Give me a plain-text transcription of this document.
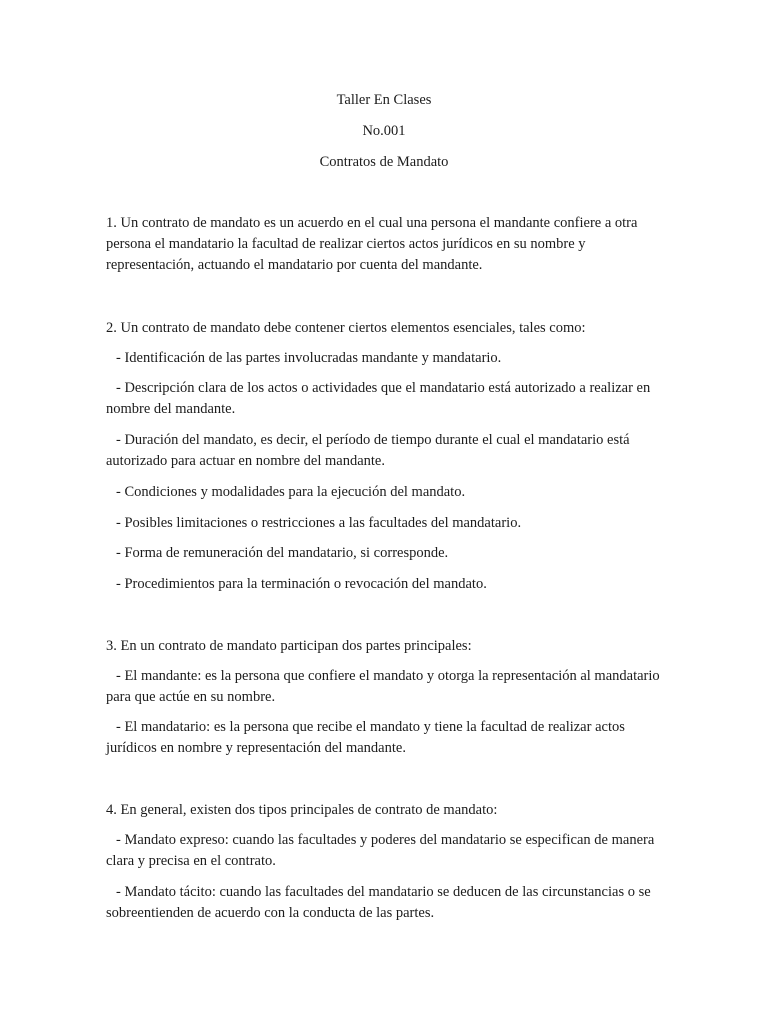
Taller En Clases
No.001
Contratos de Mandato
1. Un contrato de mandato es un acuerdo en el cual una persona el mandante confiere a otra persona el mandatario la facultad de realizar ciertos actos jurídicos en su nombre y representación, actuando el mandatario por cuenta del mandante.
2. Un contrato de mandato debe contener ciertos elementos esenciales, tales como:
- Identificación de las partes involucradas mandante y mandatario.
- Descripción clara de los actos o actividades que el mandatario está autorizado a realizar en nombre del mandante.
- Duración del mandato, es decir, el período de tiempo durante el cual el mandatario está autorizado para actuar en nombre del mandante.
- Condiciones y modalidades para la ejecución del mandato.
- Posibles limitaciones o restricciones a las facultades del mandatario.
- Forma de remuneración del mandatario, si corresponde.
- Procedimientos para la terminación o revocación del mandato.
3. En un contrato de mandato participan dos partes principales:
- El mandante: es la persona que confiere el mandato y otorga la representación al mandatario para que actúe en su nombre.
- El mandatario: es la persona que recibe el mandato y tiene la facultad de realizar actos jurídicos en nombre y representación del mandante.
4. En general, existen dos tipos principales de contrato de mandato:
- Mandato expreso: cuando las facultades y poderes del mandatario se especifican de manera clara y precisa en el contrato.
- Mandato tácito: cuando las facultades del mandatario se deducen de las circunstancias o se sobreentienden de acuerdo con la conducta de las partes.
